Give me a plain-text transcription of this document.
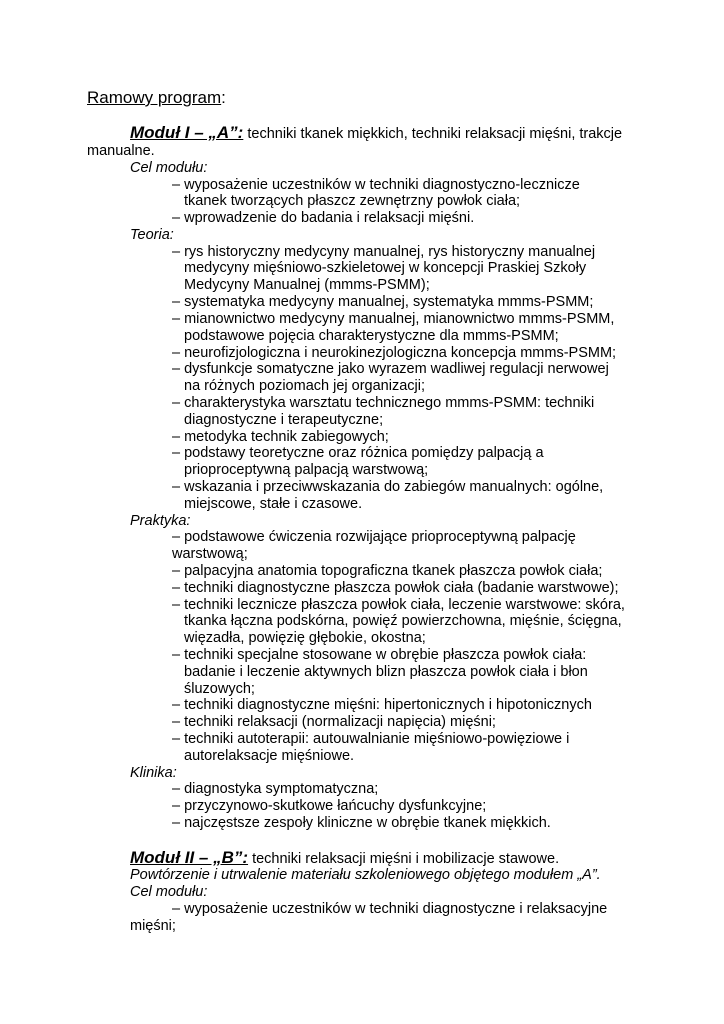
Ramowy program:
Moduł I – „A”: techniki tkanek miękkich, techniki relaksacji mięśni, trakcje
manualne.
Cel modułu:
– wyposażenie uczestników w techniki diagnostyczno-lecznicze
tkanek tworzących płaszcz zewnętrzny powłok ciała;
– wprowadzenie do badania i relaksacji mięśni.
Teoria:
– rys historyczny medycyny manualnej, rys historyczny manualnej
medycyny mięśniowo-szkieletowej w koncepcji Praskiej Szkoły
Medycyny Manualnej (mmms-PSMM);
– systematyka medycyny manualnej, systematyka mmms-PSMM;
– mianownictwo medycyny manualnej, mianownictwo mmms-PSMM,
podstawowe pojęcia charakterystyczne dla mmms-PSMM;
– neurofizjologiczna i neurokinezjologiczna koncepcja mmms-PSMM;
– dysfunkcje somatyczne jako wyrazem wadliwej regulacji nerwowej
na różnych poziomach jej organizacji;
– charakterystyka warsztatu technicznego mmms-PSMM: techniki
diagnostyczne i terapeutyczne;
– metodyka technik zabiegowych;
– podstawy teoretyczne oraz różnica pomiędzy palpacją a
prioproceptywną palpacją warstwową;
– wskazania i przeciwwskazania do zabiegów manualnych: ogólne,
miejscowe, stałe i czasowe.
Praktyka:
– podstawowe ćwiczenia rozwijające prioproceptywną palpację
warstwową;
– palpacyjna anatomia topograficzna tkanek płaszcza powłok ciała;
– techniki diagnostyczne płaszcza powłok ciała (badanie warstwowe);
– techniki lecznicze płaszcza powłok ciała, leczenie warstwowe: skóra,
tkanka łączna podskórna, powięź powierzchowna, mięśnie, ścięgna,
więzadła, powięzię głębokie, okostna;
– techniki specjalne stosowane w obrębie płaszcza powłok ciała:
badanie i leczenie aktywnych blizn płaszcza powłok ciała i błon
śluzowych;
– techniki diagnostyczne mięśni: hipertonicznych i hipotonicznych
– techniki relaksacji (normalizacji napięcia) mięśni;
– techniki autoterapii: autouwalnianie mięśniowo-powięziowe i
autorelaksacje mięśniowe.
Klinika:
– diagnostyka symptomatyczna;
– przyczynowo-skutkowe łańcuchy dysfunkcyjne;
– najczęstsze zespoły kliniczne w obrębie tkanek miękkich.
Moduł II – „B”: techniki relaksacji mięśni i mobilizacje stawowe.
Powtórzenie i utrwalenie materiału szkoleniowego objętego modułem „A”.
Cel modułu:
– wyposażenie uczestników w techniki diagnostyczne i relaksacyjne
mięśni;
